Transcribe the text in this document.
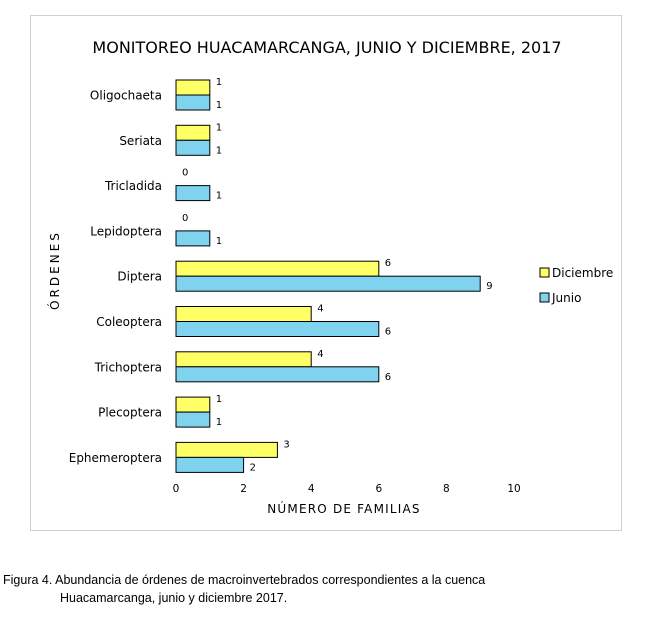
MONITOREO HUACAMARCANGA, JUNIO Y DICIEMBRE, 2017
Oligochaeta
1
1
Seriata
1
1
Tricladida
0
1
Lepidoptera
0
1
Diptera
6
9
Coleoptera
4
6
Trichoptera
4
6
Plecoptera
1
1
Ephemeroptera
3
2
0	2	4	6	8	10
NÚMERO DE FAMILIAS
ÓRDENES	Diciembre
Junio
Figura 4. Abundancia de órdenes de macroinvertebrados correspondientes a la cuenca
Huacamarcanga, junio y diciembre 2017.
